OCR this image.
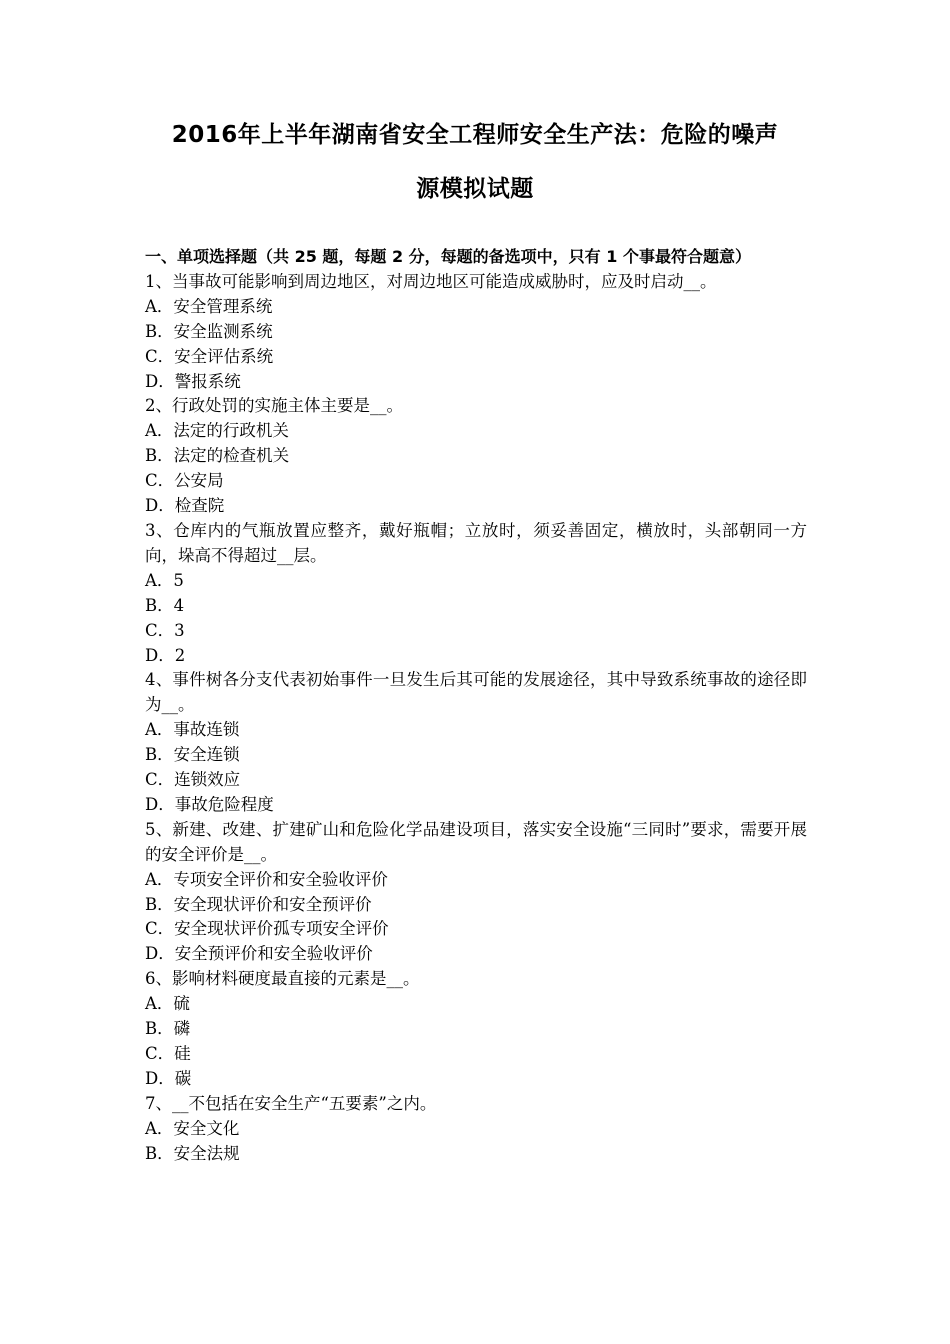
2016年上半年湖南省安全工程师安全生产法：危险的噪声
源模拟试题

一、单项选择题（共 25 题，每题 2 分，每题的备选项中，只有 1 个事最符合题意）

1、当事故可能影响到周边地区，对周边地区可能造成威胁时，应及时启动__。

A．安全管理系统

B．安全监测系统

C．安全评估系统

D．警报系统

2、行政处罚的实施主体主要是__。

A．法定的行政机关

B．法定的检查机关

C．公安局

D．检查院

3、仓库内的气瓶放置应整齐，戴好瓶帽；立放时，须妥善固定，横放时，头部朝同一方向，垛高不得超过__层。

A．5

B．4

C．3

D．2

4、事件树各分支代表初始事件一旦发生后其可能的发展途径，其中导致系统事故的途径即为__。

A．事故连锁

B．安全连锁

C．连锁效应

D．事故危险程度

5、新建、改建、扩建矿山和危险化学品建设项目，落实安全设施“三同时”要求，需要开展的安全评价是__。

A．专项安全评价和安全验收评价

B．安全现状评价和安全预评价

C．安全现状评价孤专项安全评价

D．安全预评价和安全验收评价

6、影响材料硬度最直接的元素是__。

A．硫

B．磷

C．硅

D．碳

7、__不包括在安全生产“五要素”之内。

A．安全文化

B．安全法规
